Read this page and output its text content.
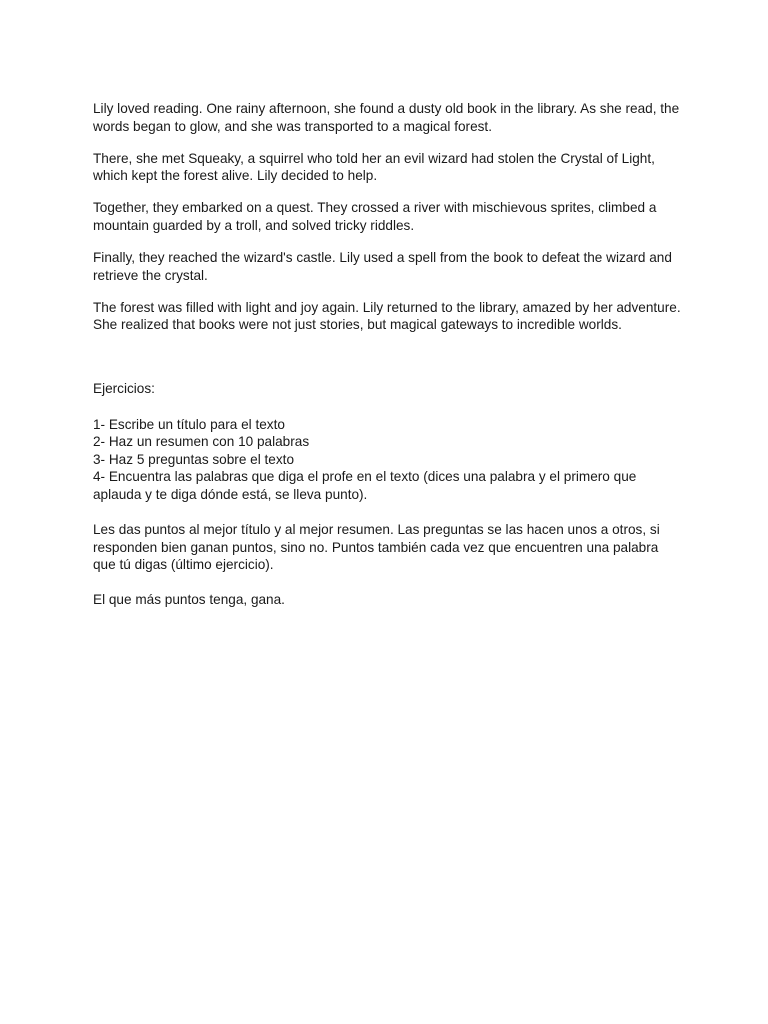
Lily loved reading. One rainy afternoon, she found a dusty old book in the library. As she read, the words began to glow, and she was transported to a magical forest.

There, she met Squeaky, a squirrel who told her an evil wizard had stolen the Crystal of Light, which kept the forest alive. Lily decided to help.

Together, they embarked on a quest. They crossed a river with mischievous sprites, climbed a mountain guarded by a troll, and solved tricky riddles.

Finally, they reached the wizard's castle. Lily used a spell from the book to defeat the wizard and retrieve the crystal.

The forest was filled with light and joy again. Lily returned to the library, amazed by her adventure. She realized that books were not just stories, but magical gateways to incredible worlds.

Ejercicios:

1- Escribe un título para el texto
2- Haz un resumen con 10 palabras
3- Haz 5 preguntas sobre el texto
4- Encuentra las palabras que diga el profe en el texto (dices una palabra y el primero que aplauda y te diga dónde está, se lleva punto).

Les das puntos al mejor título y al mejor resumen. Las preguntas se las hacen unos a otros, si responden bien ganan puntos, sino no. Puntos también cada vez que encuentren una palabra que tú digas (último ejercicio).

El que más puntos tenga, gana.
